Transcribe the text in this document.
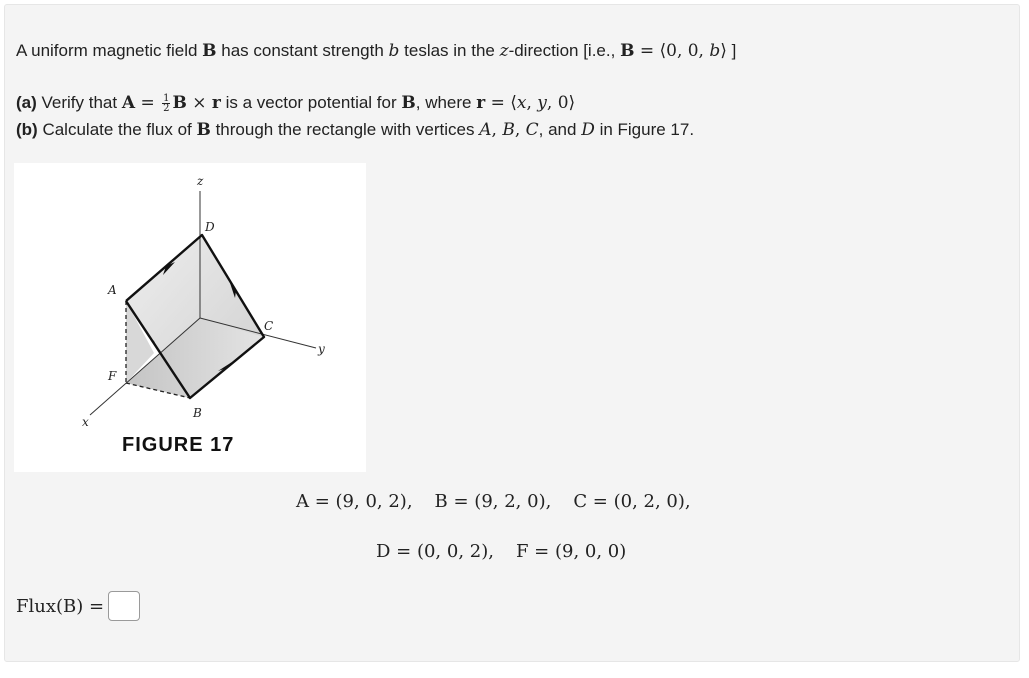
A uniform magnetic field B has constant strength b teslas in the z-direction [i.e., B = ⟨0, 0, b⟩ ]
(a) Verify that $A = \frac{1}{2}$ B × r is a vector potential for B, where r = ⟨x, y, 0⟩
(b) Calculate the flux of B through the rectangle with vertices A, B, C, and D in Figure 17.
z
y
x
D
A
C
F
B
FIGURE 17
A = (9, 0, 2), B = (9, 2, 0), C = (0, 2, 0),
D = (0, 0, 2), F = (9, 0, 0)
Flux(B) =
